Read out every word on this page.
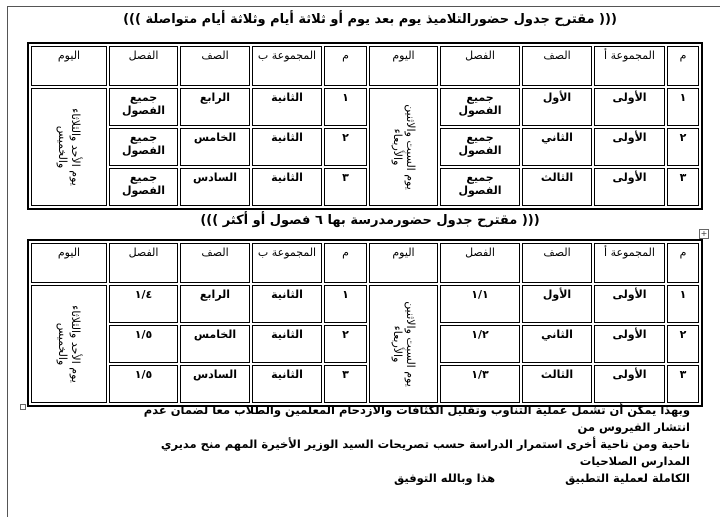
((( مقترح جدول حضورالتلاميذ يوم بعد يوم أو ثلاثة أيام وثلاثة أيام متواصلة )))
م	المجموعة أ	الصف	الفصل	اليوم	م	المجموعة ب	الصف	الفصل	اليوم
١	الأولى	الأول	جميع الفصول	يوم السبت والاثنين والأربعاء	١	الثانية	الرابع	جميع الفصول	يوم الأحد والثلاثاء والخميس

٢	الأولى	الثاني	جميع الفصول		٢	الثانية	الخامس	جميع الفصول	
٣	الأولى	الثالث	جميع الفصول		٣	الثانية	السادس	جميع الفصول	
((( مقترح جدول حضورمدرسة بها ٦ فصول أو أكثر )))
+
م	المجموعة أ	الصف	الفصل	اليوم	م	المجموعة ب	الصف	الفصل	اليوم
١	الأولى	الأول	١/١	يوم السبت والاثنين والأربعاء	١	الثانية	الرابع	١/٤	يوم الأحد والثلاثاء والخميس

٢	الأولى	الثاني	١/٢		٢	الثانية	الخامس	١/٥	
٣	الأولى	الثالث	١/٣		٣	الثانية	السادس	١/٥	
وبهذا يمكن أن تشمل عملية التناوب وتقليل الكثافات والازدحام المعلمين والطلاب معا لضمان عدم انتشار الفيروس من
ناحية ومن ناحية أخرى استمرار الدراسة حسب تصريحات السيد الوزير الأخيرة المهم منح مديري المدارس الصلاحيات
الكاملة لعملية التطبيقهذا وبالله التوفيق
